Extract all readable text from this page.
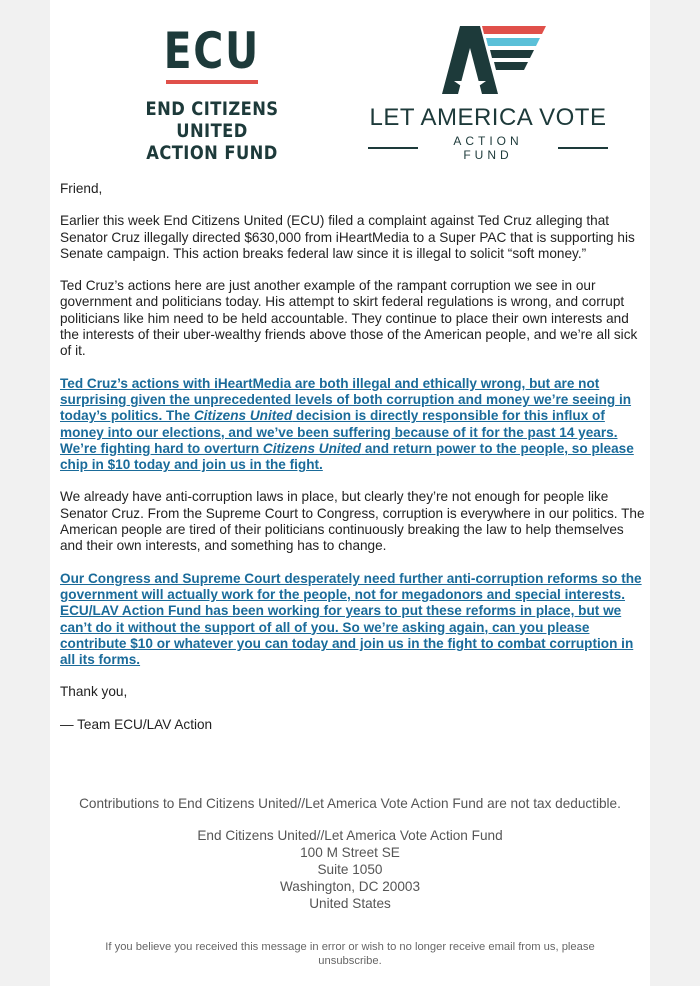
ECU
END CITIZENS UNITED
ACTION FUND
LET AMERICA VOTE
ACTION FUND

Friend,

Earlier this week End Citizens United (ECU) filed a complaint against Ted Cruz alleging that Senator Cruz illegally directed $630,000 from iHeartMedia to a Super PAC that is supporting his Senate campaign. This action breaks federal law since it is illegal to solicit “soft money.”

Ted Cruz’s actions here are just another example of the rampant corruption we see in our government and politicians today. His attempt to skirt federal regulations is wrong, and corrupt politicians like him need to be held accountable. They continue to place their own interests and the interests of their uber-wealthy friends above those of the American people, and we’re all sick of it.

Ted Cruz’s actions with iHeartMedia are both illegal and ethically wrong, but are not surprising given the unprecedented levels of both corruption and money we’re seeing in today’s politics. The Citizens United decision is directly responsible for this influx of money into our elections, and we’ve been suffering because of it for the past 14 years. We’re fighting hard to overturn Citizens United and return power to the people, so please chip in $10 today and join us in the fight.

We already have anti-corruption laws in place, but clearly they’re not enough for people like Senator Cruz. From the Supreme Court to Congress, corruption is everywhere in our politics. The American people are tired of their politicians continuously breaking the law to help themselves and their own interests, and something has to change.

Our Congress and Supreme Court desperately need further anti-corruption reforms so the government will actually work for the people, not for megadonors and special interests. ECU/LAV Action Fund has been working for years to put these reforms in place, but we can’t do it without the support of all of you. So we’re asking again, can you please contribute $10 or whatever you can today and join us in the fight to combat corruption in all its forms.

Thank you,

— Team ECU/LAV Action

Contributions to End Citizens United//Let America Vote Action Fund are not tax deductible.
End Citizens United//Let America Vote Action Fund
100 M Street SE
Suite 1050
Washington, DC 20003
United States
If you believe you received this message in error or wish to no longer receive email from us, please unsubscribe.
